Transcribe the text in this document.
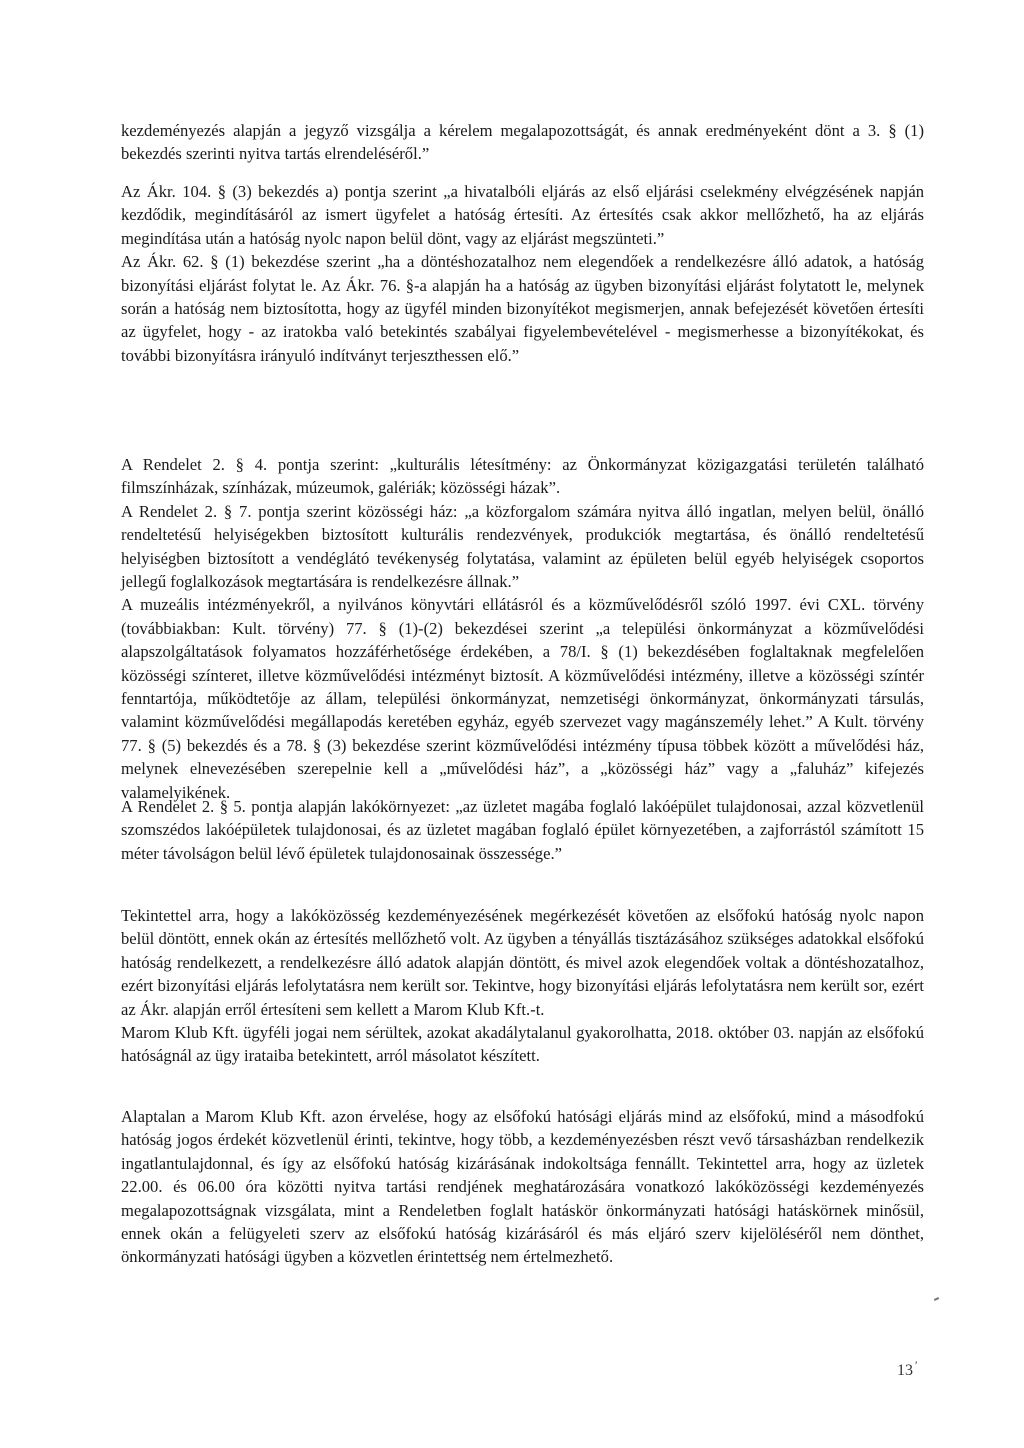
kezdeményezés alapján a jegyző vizsgálja a kérelem megalapozottságát, és annak eredményeként dönt a 3. § (1) bekezdés szerinti nyitva tartás elrendeléséről.”

Az Ákr. 104. § (3) bekezdés a) pontja szerint „a hivatalbóli eljárás az első eljárási cselekmény elvégzésének napján kezdődik, megindításáról az ismert ügyfelet a hatóság értesíti. Az értesítés csak akkor mellőzhető, ha az eljárás megindítása után a hatóság nyolc napon belül dönt, vagy az eljárást megszünteti.”

Az Ákr. 62. § (1) bekezdése szerint „ha a döntéshozatalhoz nem elegendőek a rendelkezésre álló adatok, a hatóság bizonyítási eljárást folytat le. Az Ákr. 76. §-a alapján ha a hatóság az ügyben bizonyítási eljárást folytatott le, melynek során a hatóság nem biztosította, hogy az ügyfél minden bizonyítékot megismerjen, annak befejezését követően értesíti az ügyfelet, hogy - az iratokba való betekintés szabályai figyelembevételével - megismerhesse a bizonyítékokat, és további bizonyításra irányuló indítványt terjeszthessen elő.”

A Rendelet 2. § 4. pontja szerint: „kulturális létesítmény: az Önkormányzat közigazgatási területén található filmszínházak, színházak, múzeumok, galériák; közösségi házak”.

A Rendelet 2. § 7. pontja szerint közösségi ház: „a közforgalom számára nyitva álló ingatlan, melyen belül, önálló rendeltetésű helyiségekben biztosított kulturális rendezvények, produkciók megtartása, és önálló rendeltetésű helyiségben biztosított a vendéglátó tevékenység folytatása, valamint az épületen belül egyéb helyiségek csoportos jellegű foglalkozások megtartására is rendelkezésre állnak.”

A muzeális intézményekről, a nyilvános könyvtári ellátásról és a közművelődésről szóló 1997. évi CXL. törvény (továbbiakban: Kult. törvény) 77. § (1)-(2) bekezdései szerint „a települési önkormányzat a közművelődési alapszolgáltatások folyamatos hozzáférhetősége érdekében, a 78/I. § (1) bekezdésében foglaltaknak megfelelően közösségi színteret, illetve közművelődési intézményt biztosít. A közművelődési intézmény, illetve a közösségi színtér fenntartója, működtetője az állam, települési önkormányzat, nemzetiségi önkormányzat, önkormányzati társulás, valamint közművelődési megállapodás keretében egyház, egyéb szervezet vagy magánszemély lehet.” A Kult. törvény 77. § (5) bekezdés és a 78. § (3) bekezdése szerint közművelődési intézmény típusa többek között a művelődési ház, melynek elnevezésében szerepelnie kell a „művelődési ház”, a „közösségi ház” vagy a „faluház” kifejezés valamelyikének.

A Rendelet 2. § 5. pontja alapján lakókörnyezet: „az üzletet magába foglaló lakóépület tulajdonosai, azzal közvetlenül szomszédos lakóépületek tulajdonosai, és az üzletet magában foglaló épület környezetében, a zajforrástól számított 15 méter távolságon belül lévő épületek tulajdonosainak összessége.”

Tekintettel arra, hogy a lakóközösség kezdeményezésének megérkezését követően az elsőfokú hatóság nyolc napon belül döntött, ennek okán az értesítés mellőzhető volt. Az ügyben a tényállás tisztázásához szükséges adatokkal elsőfokú hatóság rendelkezett, a rendelkezésre álló adatok alapján döntött, és mivel azok elegendőek voltak a döntéshozatalhoz, ezért bizonyítási eljárás lefolytatásra nem került sor. Tekintve, hogy bizonyítási eljárás lefolytatásra nem került sor, ezért az Ákr. alapján erről értesíteni sem kellett a Marom Klub Kft.-t.

Marom Klub Kft. ügyféli jogai nem sérültek, azokat akadálytalanul gyakorolhatta, 2018. október 03. napján az elsőfokú hatóságnál az ügy irataiba betekintett, arról másolatot készített.

Alaptalan a Marom Klub Kft. azon érvelése, hogy az elsőfokú hatósági eljárás mind az elsőfokú, mind a másodfokú hatóság jogos érdekét közvetlenül érinti, tekintve, hogy több, a kezdeményezésben részt vevő társasházban rendelkezik ingatlantulajdonnal, és így az elsőfokú hatóság kizárásának indokoltsága fennállt. Tekintettel arra, hogy az üzletek 22.00. és 06.00 óra közötti nyitva tartási rendjének meghatározására vonatkozó lakóközösségi kezdeményezés megalapozottságnak vizsgálata, mint a Rendeletben foglalt hatáskör önkormányzati hatósági hatáskörnek minősül, ennek okán a felügyeleti szerv az elsőfokú hatóság kizárásáról és más eljáró szerv kijelöléséről nem dönthet, önkormányzati hatósági ügyben a közvetlen érintettség nem értelmezhető.

13 ′
